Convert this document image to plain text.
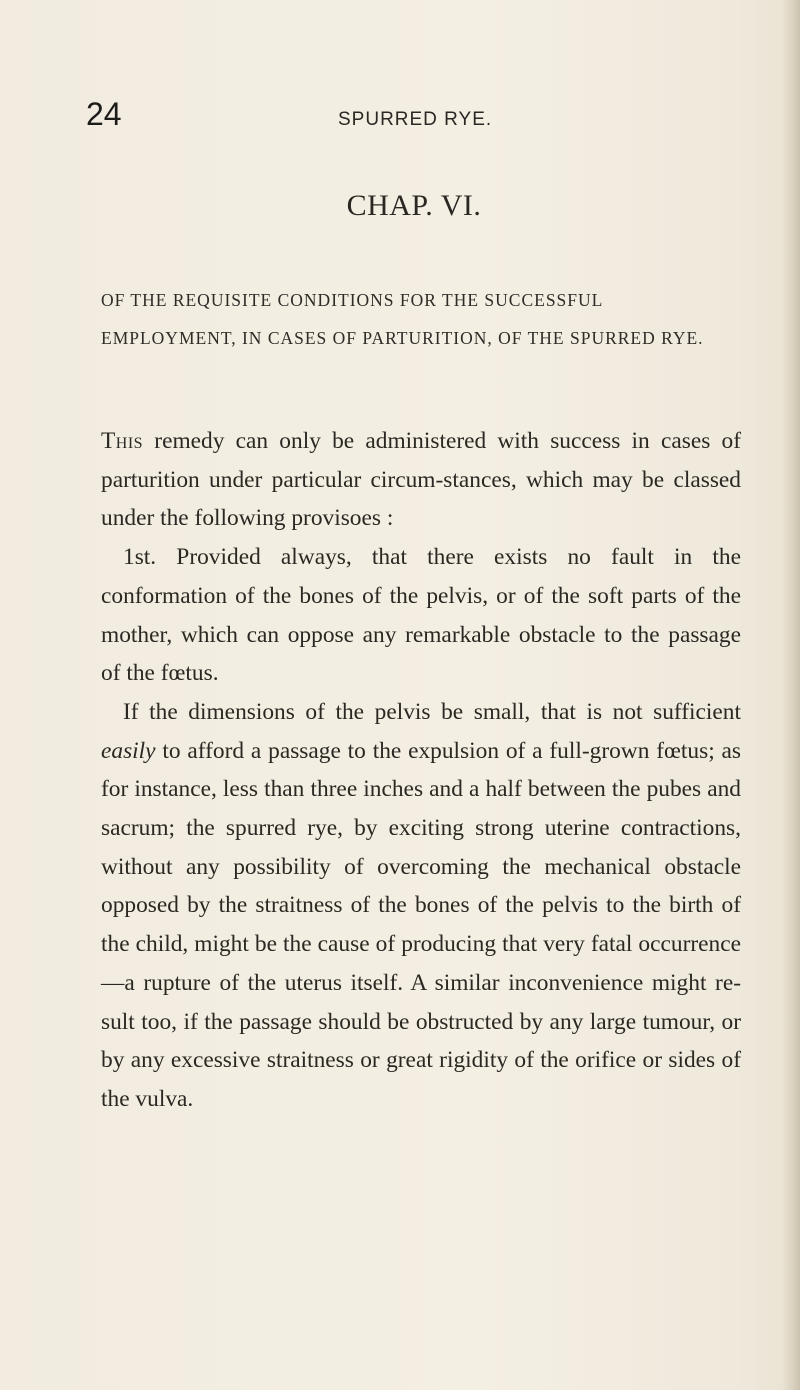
24	SPURRED RYE.
CHAP. VI.
OF THE REQUISITE CONDITIONS FOR THE SUCCESSFUL EMPLOYMENT, IN CASES OF PARTURITION, OF THE SPURRED RYE.

This remedy can only be administered with success in cases of parturition under particular circum-stances, which may be classed under the following provisoes :

1st. Provided always, that there exists no fault in the conformation of the bones of the pelvis, or of the soft parts of the mother, which can oppose any remarkable obstacle to the passage of the fœtus.

If the dimensions of the pelvis be small, that is not sufficient easily to afford a passage to the expulsion of a full-grown fœtus; as for instance, less than three inches and a half between the pubes and sacrum; the spurred rye, by exciting strong uterine contractions, without any possibility of overcoming the mechanical obstacle opposed by the straitness of the bones of the pelvis to the birth of the child, might be the cause of producing that very fatal occurrence—a rupture of the uterus itself. A similar inconvenience might re-sult too, if the passage should be obstructed by any large tumour, or by any excessive straitness or great rigidity of the orifice or sides of the vulva.
